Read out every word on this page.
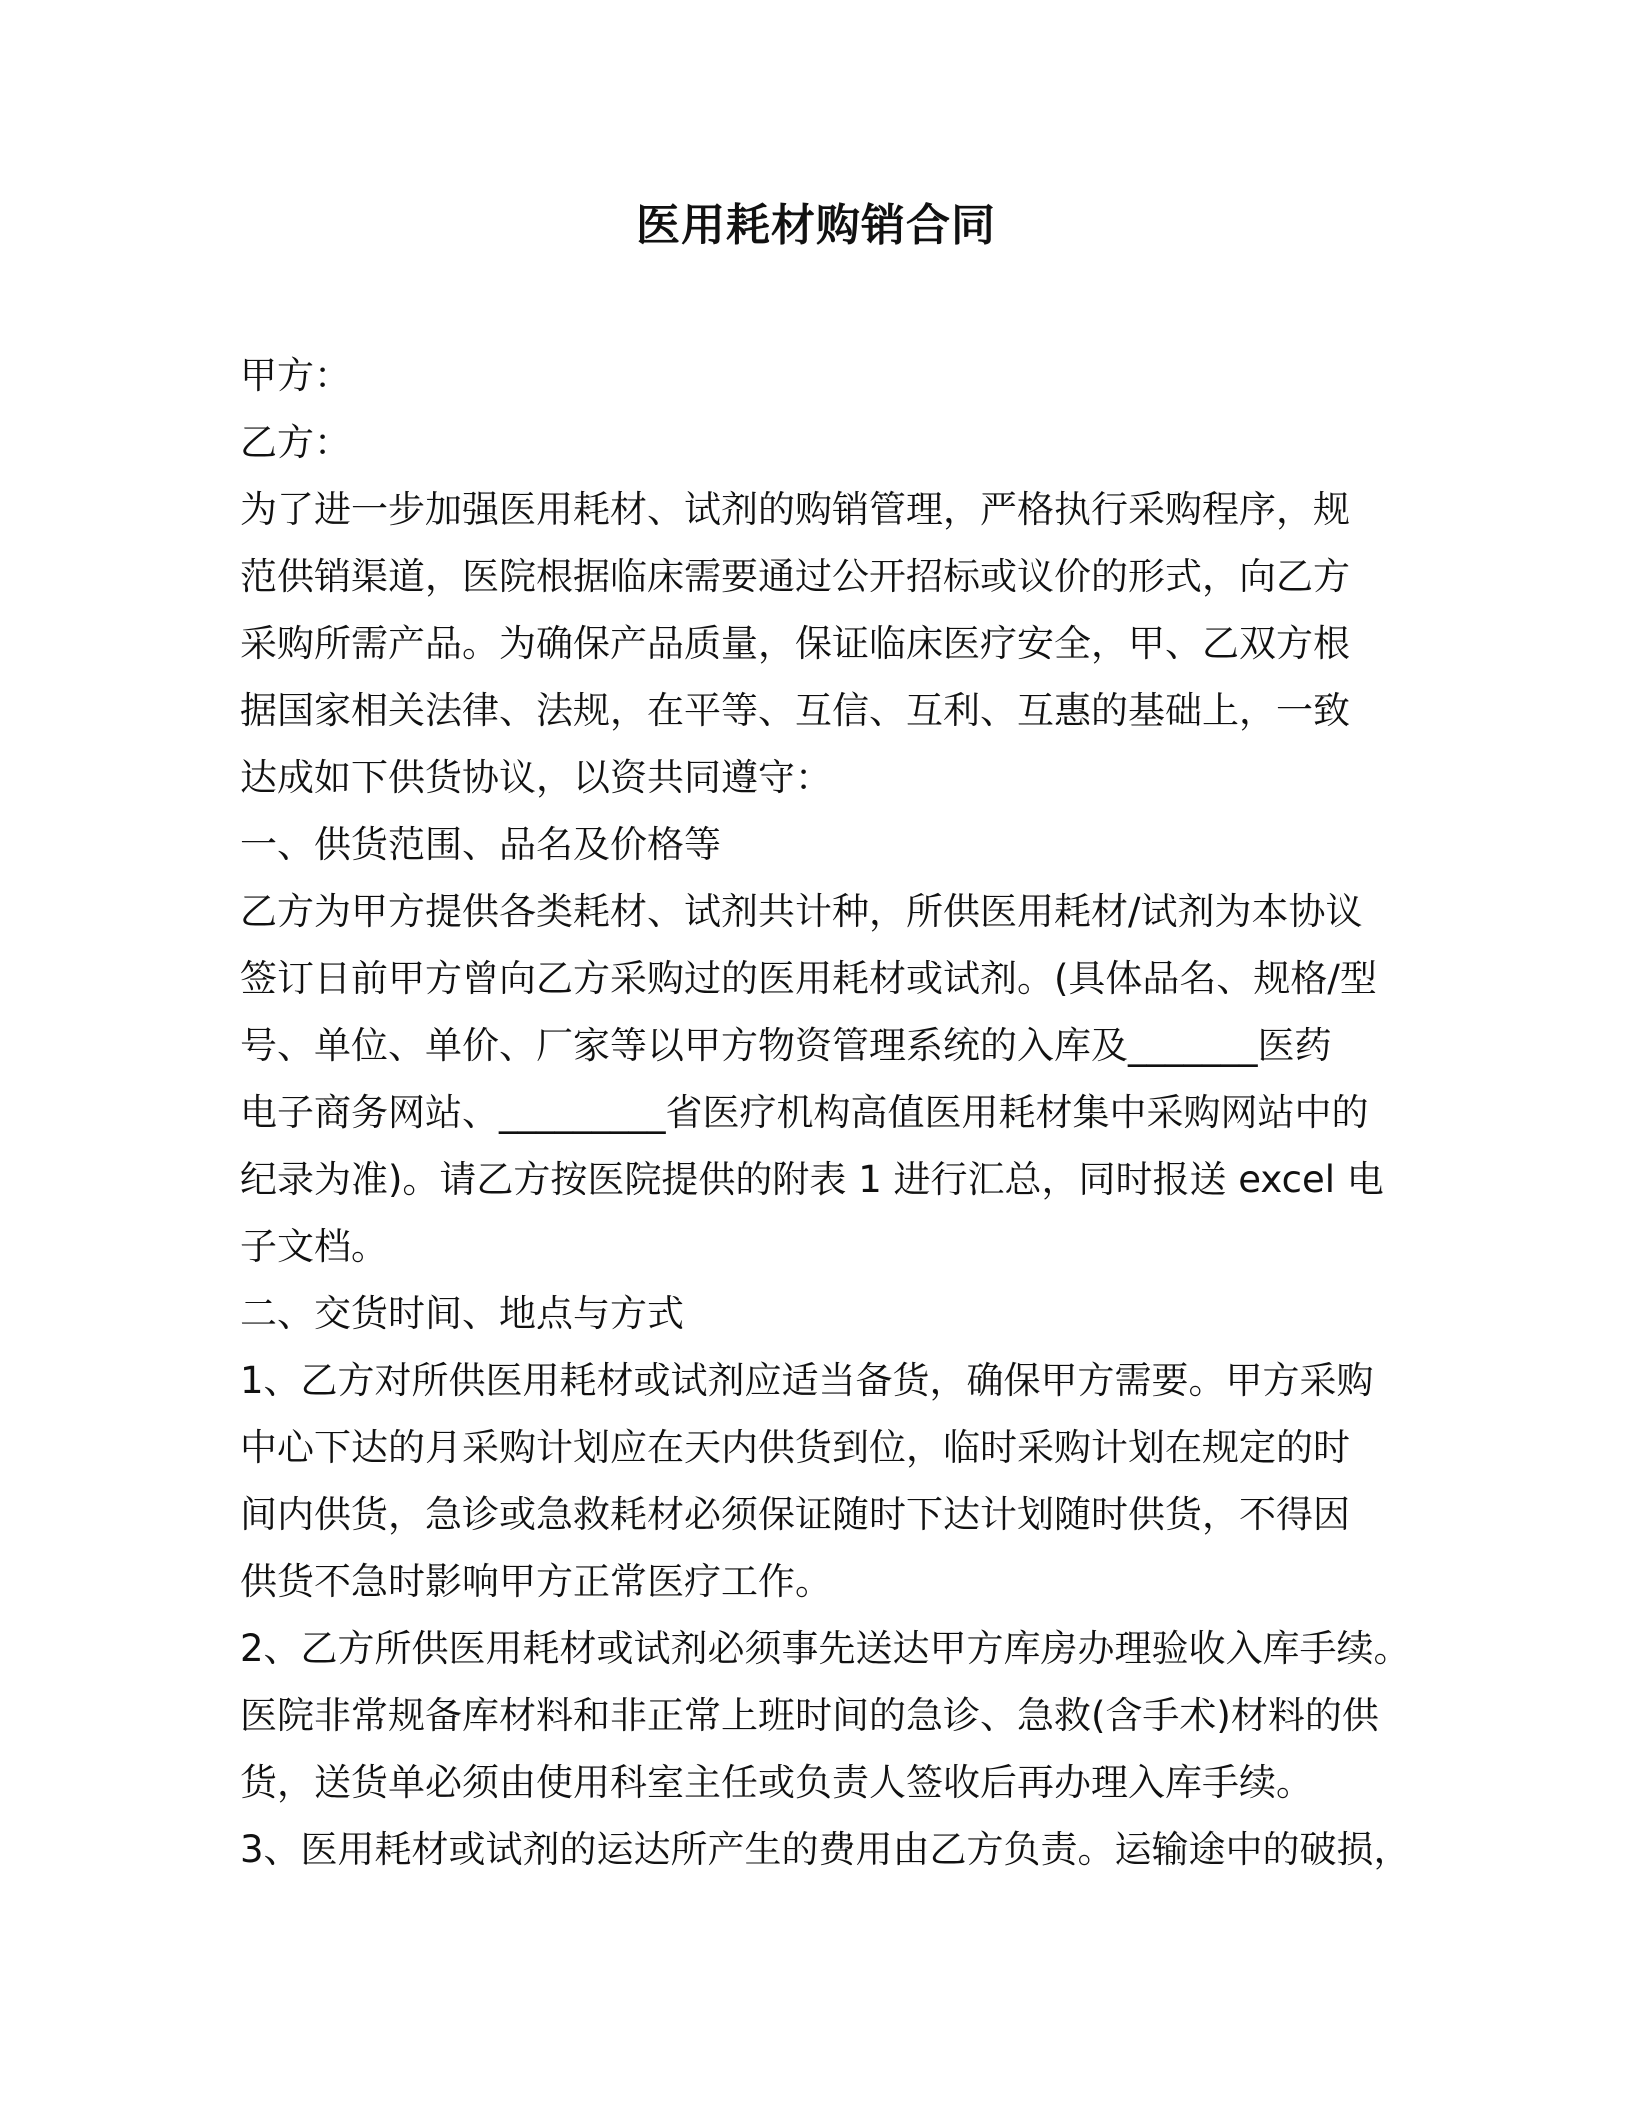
医用耗材购销合同

甲方：

乙方：

为了进一步加强医用耗材、试剂的购销管理，严格执行采购程序，规

范供销渠道，医院根据临床需要通过公开招标或议价的形式，向乙方

采购所需产品。为确保产品质量，保证临床医疗安全，甲、乙双方根

据国家相关法律、法规，在平等、互信、互利、互惠的基础上，一致

达成如下供货协议，以资共同遵守：

一、供货范围、品名及价格等

乙方为甲方提供各类耗材、试剂共计种，所供医用耗材/试剂为本协议

签订日前甲方曾向乙方采购过的医用耗材或试剂。(具体品名、规格/型

号、单位、单价、厂家等以甲方物资管理系统的入库及_______医药

电子商务网站、_________省医疗机构高值医用耗材集中采购网站中的

纪录为准)。请乙方按医院提供的附表 1 进行汇总，同时报送 excel 电

子文档。

二、交货时间、地点与方式

1、乙方对所供医用耗材或试剂应适当备货，确保甲方需要。甲方采购

中心下达的月采购计划应在天内供货到位，临时采购计划在规定的时

间内供货，急诊或急救耗材必须保证随时下达计划随时供货，不得因

供货不急时影响甲方正常医疗工作。

2、乙方所供医用耗材或试剂必须事先送达甲方库房办理验收入库手续。

医院非常规备库材料和非正常上班时间的急诊、急救(含手术)材料的供

货，送货单必须由使用科室主任或负责人签收后再办理入库手续。

3、医用耗材或试剂的运达所产生的费用由乙方负责。运输途中的破损，
